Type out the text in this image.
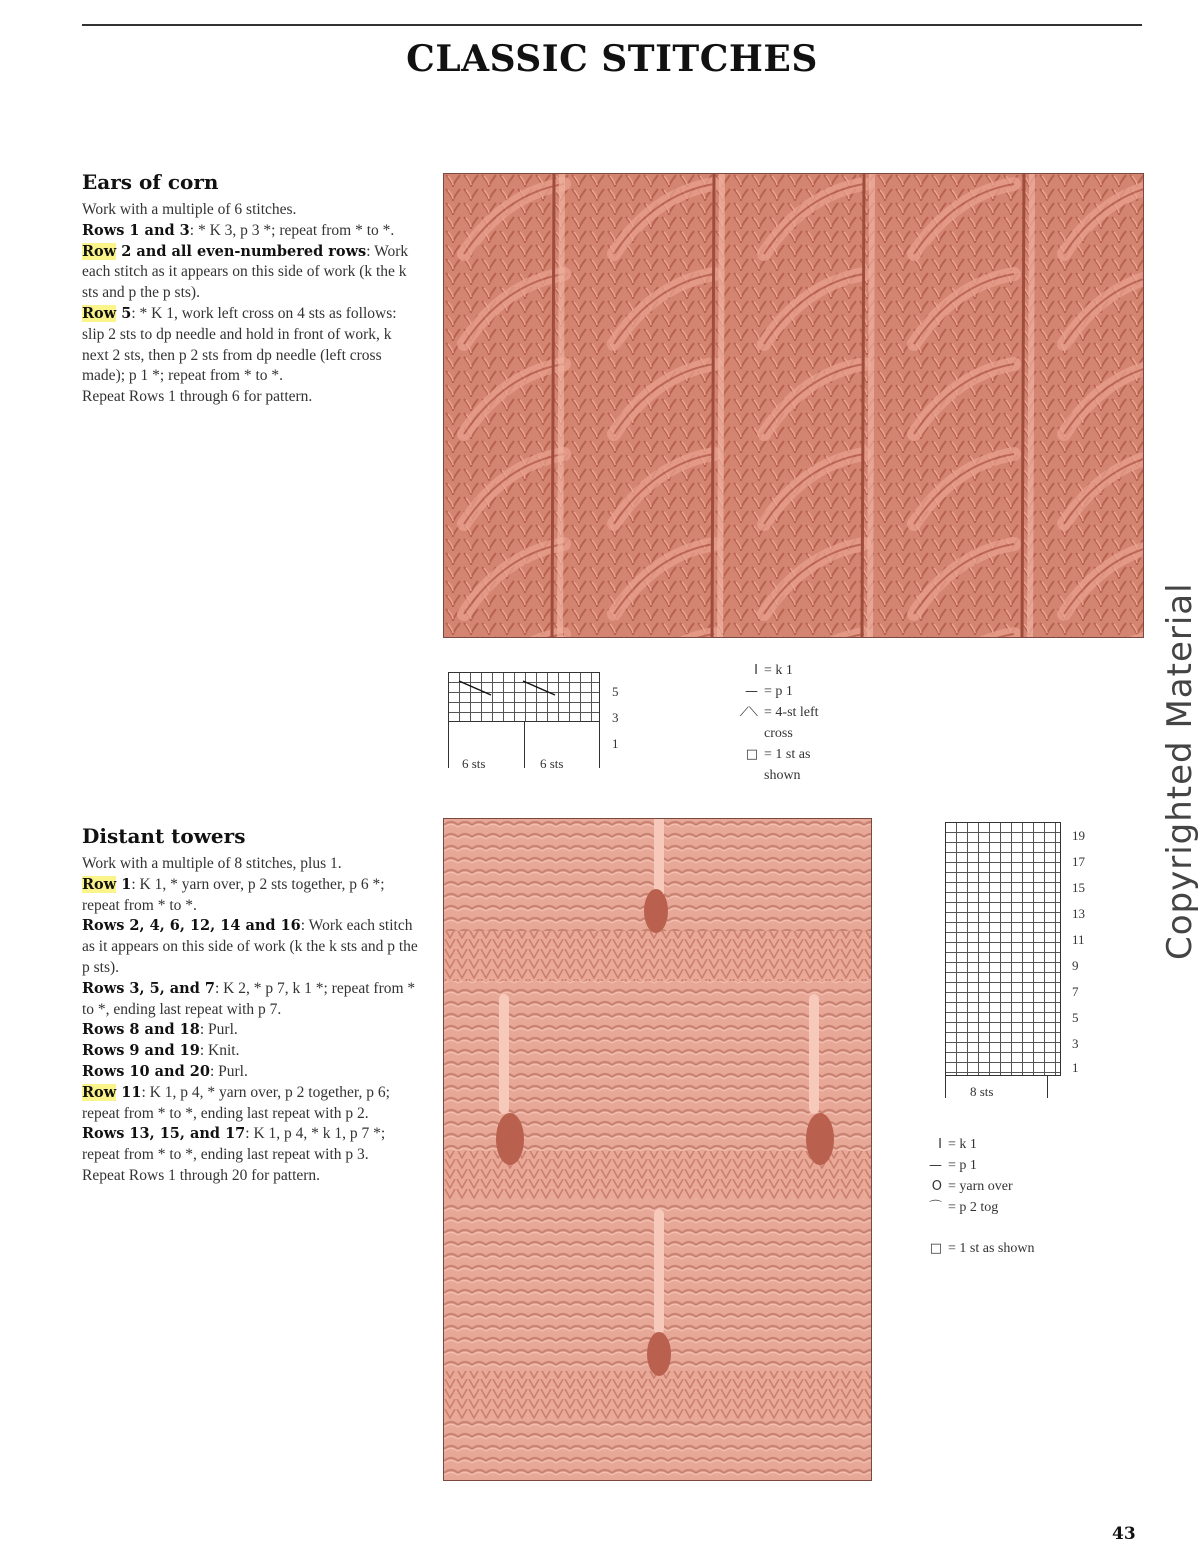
CLASSIC STITCHES
Ears of corn

Work with a multiple of 6 stitches.
Rows 1 and 3: * K 3, p 3 *; repeat from * to *.
Row 2 and all even-numbered rows: Work each stitch as it appears on this side of work (k the k sts and p the p sts).
Row 5: * K 1, work left cross on 4 sts as follows: slip 2 sts to dp needle and hold in front of work, k next 2 sts, then p 2 sts from dp needle (left cross made); p 1 *; repeat from * to *.
Repeat Rows 1 through 6 for pattern.

5
3
1
6 sts	6 sts
I = k 1
— = p 1
⟋⟍ = 4-st left
cross
□ = 1 st as
shown
Distant towers

Work with a multiple of 8 stitches, plus 1.
Row 1: K 1, * yarn over, p 2 sts together, p 6 *; repeat from * to *.
Rows 2, 4, 6, 12, 14 and 16: Work each stitch as it appears on this side of work (k the k sts and p the p sts).
Rows 3, 5, and 7: K 2, * p 7, k 1 *; repeat from * to *, ending last repeat with p 7.
Rows 8 and 18: Purl.
Rows 9 and 19: Knit.
Rows 10 and 20: Purl.
Row 11: K 1, p 4, * yarn over, p 2 together, p 6; repeat from * to *, ending last repeat with p 2.
Rows 13, 15, and 17: K 1, p 4, * k 1, p 7 *; repeat from * to *, ending last repeat with p 3.
Repeat Rows 1 through 20 for pattern.

19
17
15
13
11
9
7
5
3
1
8 sts
I = k 1
— = p 1
O = yarn over
⌒ = p 2 tog
□ = 1 st as shown
Copyrighted Material
43
